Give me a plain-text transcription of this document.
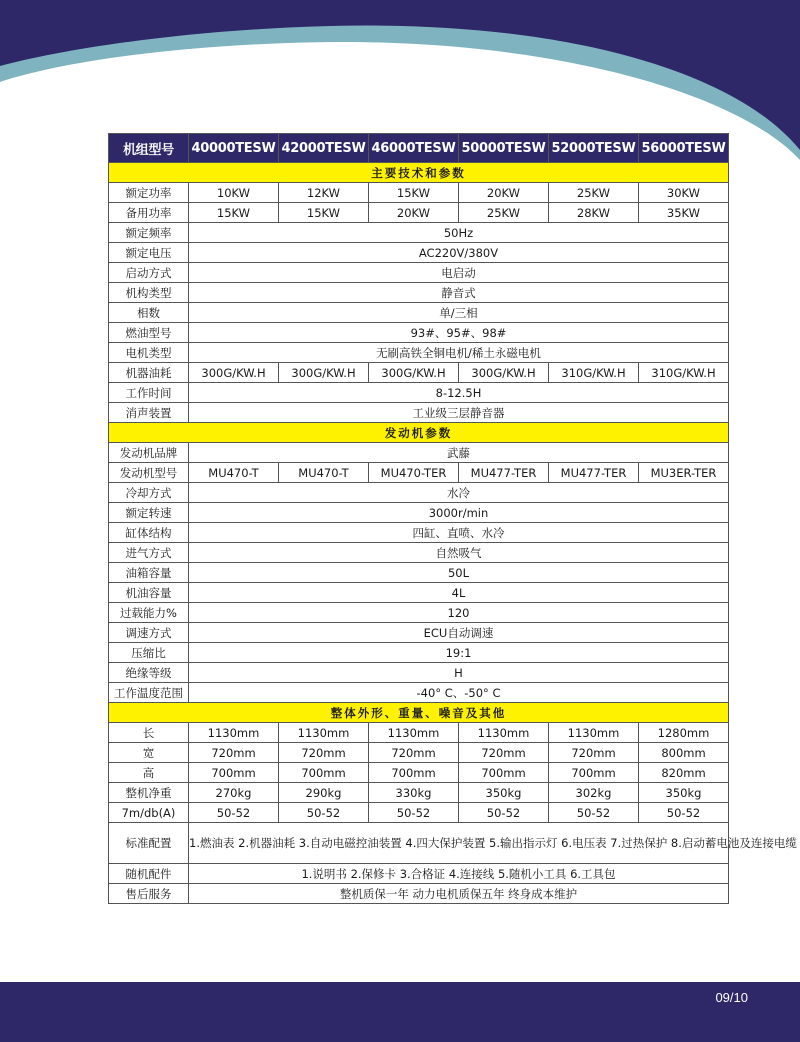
机组型号	40000TESW	42000TESW	46000TESW	50000TESW	52000TESW	56000TESW
主要技术和参数						
额定功率	10KW	12KW	15KW	20KW	25KW	30KW
备用功率	15KW	15KW	20KW	25KW	28KW	35KW
额定频率	50Hz					
额定电压	AC220V/380V					
启动方式	电启动					
机构类型	静音式					
相数	单/三相					
燃油型号	93#、95#、98#					
电机类型	无刷高铁全铜电机/稀土永磁电机					
机器油耗	300G/KW.H	300G/KW.H	300G/KW.H	300G/KW.H	310G/KW.H	310G/KW.H
工作时间	8-12.5H					
消声装置	工业级三层静音器					
发动机参数						
发动机品牌	武藤					
发动机型号	MU470-T	MU470-T	MU470-TER	MU477-TER	MU477-TER	MU3ER-TER
冷却方式	水冷					
额定转速	3000r/min					
缸体结构	四缸、直喷、水冷					
进气方式	自然吸气					
油箱容量	50L					
机油容量	4L					
过载能力%	120					
调速方式	ECU自动调速					
压缩比	19:1					
绝缘等级	H					
工作温度范围	-40° C、-50° C					
整体外形、重量、噪音及其他						
长	1130mm	1130mm	1130mm	1130mm	1130mm	1280mm
宽	720mm	720mm	720mm	720mm	720mm	800mm
高	700mm	700mm	700mm	700mm	700mm	820mm
整机净重	270kg	290kg	330kg	350kg	302kg	350kg
7m/db(A)	50-52	50-52	50-52	50-52	50-52	50-52
标准配置	1.燃油表 2.机器油耗 3.自动电磁控油装置 4.四大保护装置 5.输出指示灯 6.电压表 7.过热保护 8.启动蓄电池及连接电缆					
随机配件	1.说明书 2.保修卡 3.合格证 4.连接线 5.随机小工具 6.工具包					
售后服务	整机质保一年 动力电机质保五年 终身成本维护					
09/10
